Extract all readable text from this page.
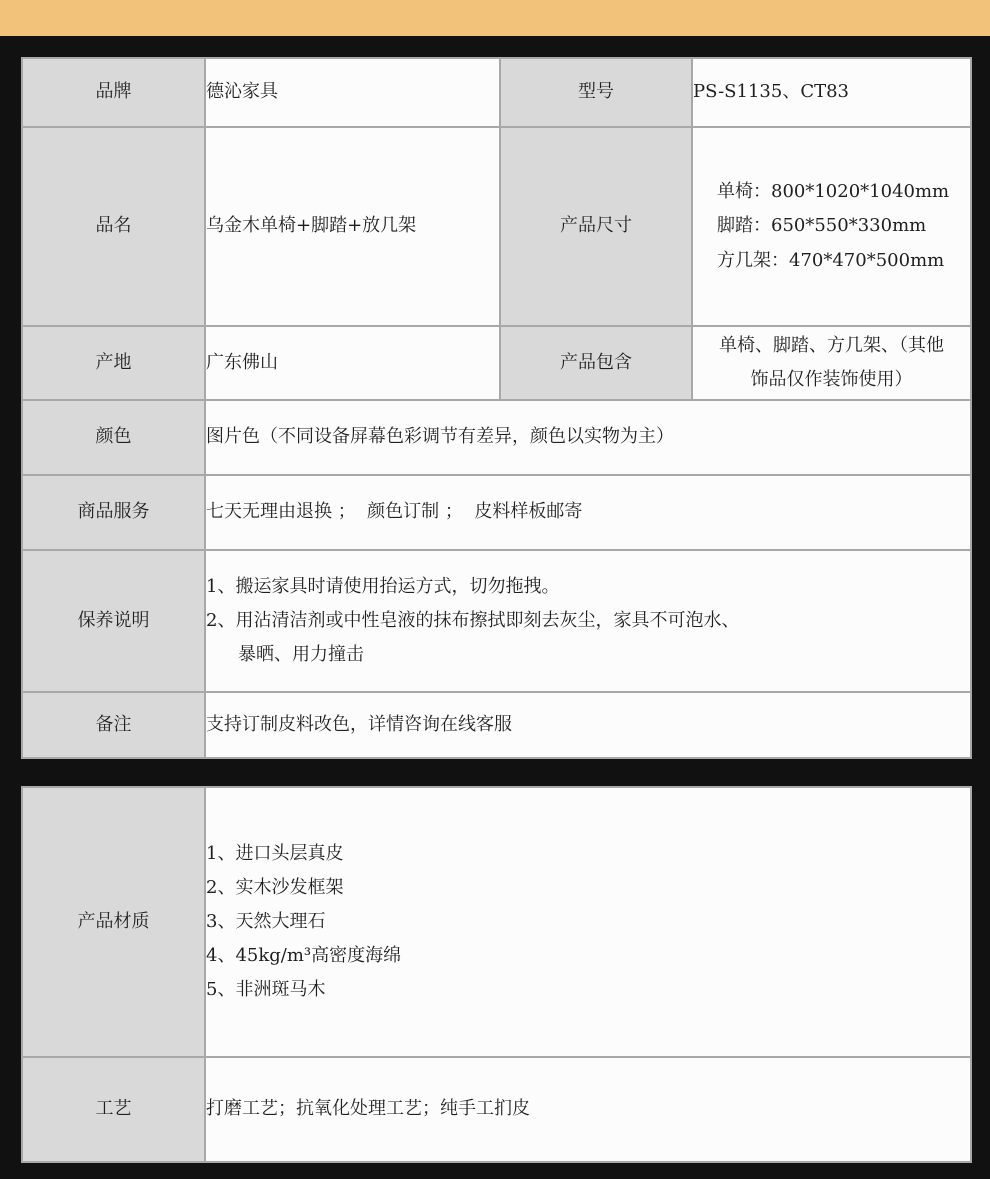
品牌	德沁家具	型号	PS-S1135、CT83
品名	乌金木单椅+脚踏+放几架	产品尺寸	单椅：800*1020*1040mm
脚踏：650*550*330mm
方几架：470*470*500mm

产地	广东佛山	产品包含	单椅、脚踏、方几架、（其他
饰品仅作装饰使用）

颜色	图片色（不同设备屏幕色彩调节有差异，颜色以实物为主）		
商品服务	七天无理由退换 ；  颜色订制 ；  皮料样板邮寄		
保养说明	1、搬运家具时请使用抬运方式，切勿拖拽。
2、用沾清洁剂或中性皂液的抹布擦拭即刻去灰尘，家具不可泡水、
暴晒、用力撞击		

备注	支持订制皮料改色，详情咨询在线客服		
产品材质	1、进口头层真皮
2、实木沙发框架
3、天然大理石
4、45kg/m³高密度海绵
5、非洲斑马木

工艺	打磨工艺；抗氧化处理工艺；纯手工扪皮
